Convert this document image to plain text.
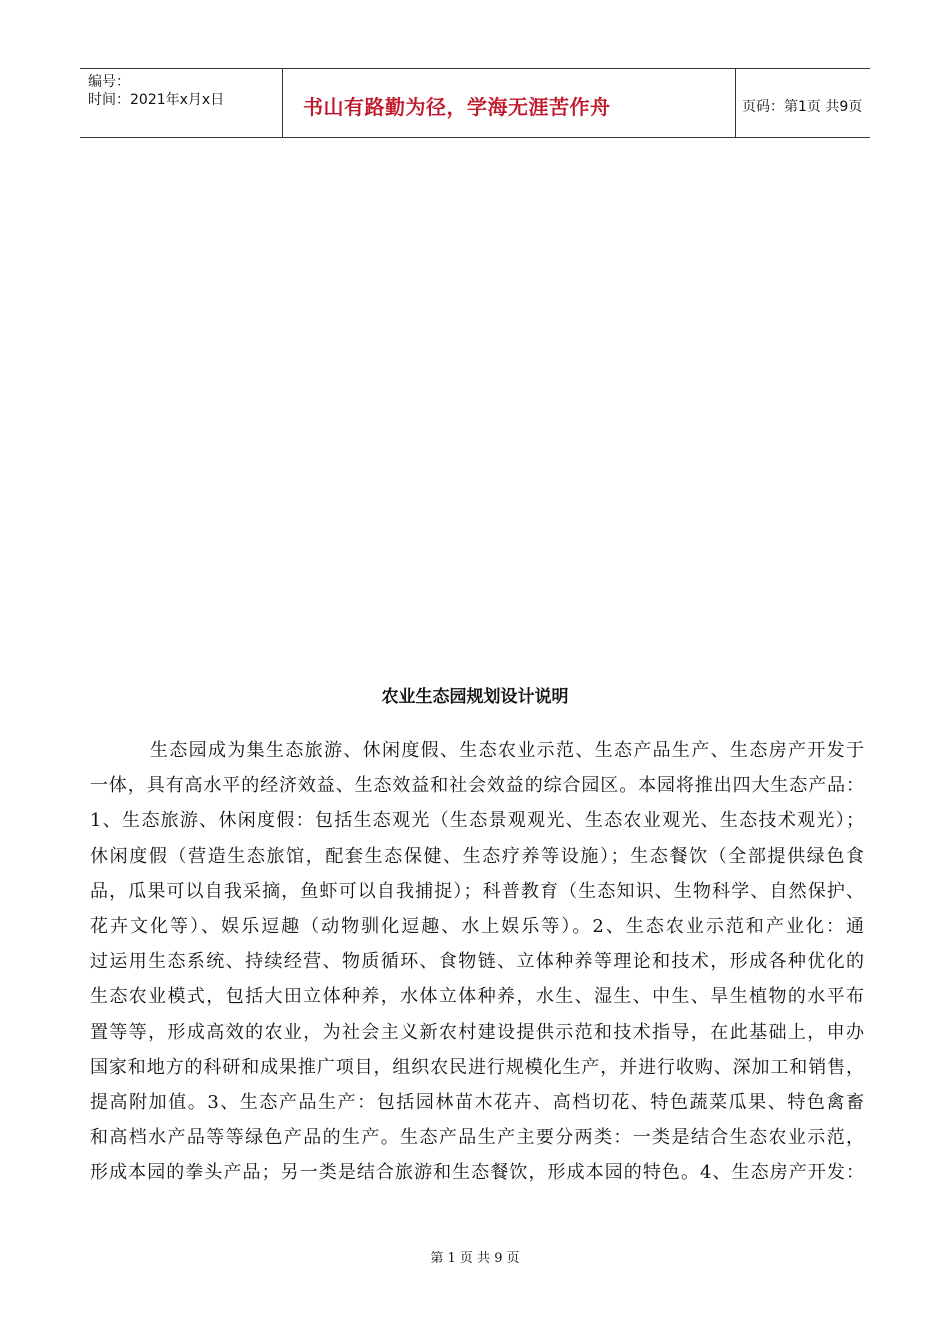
编号：
时间：2021年x月x日	书山有路勤为径，学海无涯苦作舟	页码：第1页 共9页
农业生态园规划设计说明
生态园成为集生态旅游、休闲度假、生态农业示范、生态产品生产、生态房产开发于
一体，具有高水平的经济效益、生态效益和社会效益的综合园区。本园将推出四大生态产品：
1、生态旅游、休闲度假：包括生态观光（生态景观观光、生态农业观光、生态技术观光）；
休闲度假（营造生态旅馆，配套生态保健、生态疗养等设施）；生态餐饮（全部提供绿色食
品，瓜果可以自我采摘，鱼虾可以自我捕捉）；科普教育（生态知识、生物科学、自然保护、
花卉文化等）、娱乐逗趣（动物驯化逗趣、水上娱乐等）。2、生态农业示范和产业化：通
过运用生态系统、持续经营、物质循环、食物链、立体种养等理论和技术，形成各种优化的
生态农业模式，包括大田立体种养，水体立体种养，水生、湿生、中生、旱生植物的水平布
置等等，形成高效的农业，为社会主义新农村建设提供示范和技术指导，在此基础上，申办
国家和地方的科研和成果推广项目，组织农民进行规模化生产，并进行收购、深加工和销售，
提高附加值。3、生态产品生产：包括园林苗木花卉、高档切花、特色蔬菜瓜果、特色禽畜
和高档水产品等等绿色产品的生产。生态产品生产主要分两类：一类是结合生态农业示范，
形成本园的拳头产品；另一类是结合旅游和生态餐饮，形成本园的特色。4、生态房产开发：
第 1 页 共 9 页
